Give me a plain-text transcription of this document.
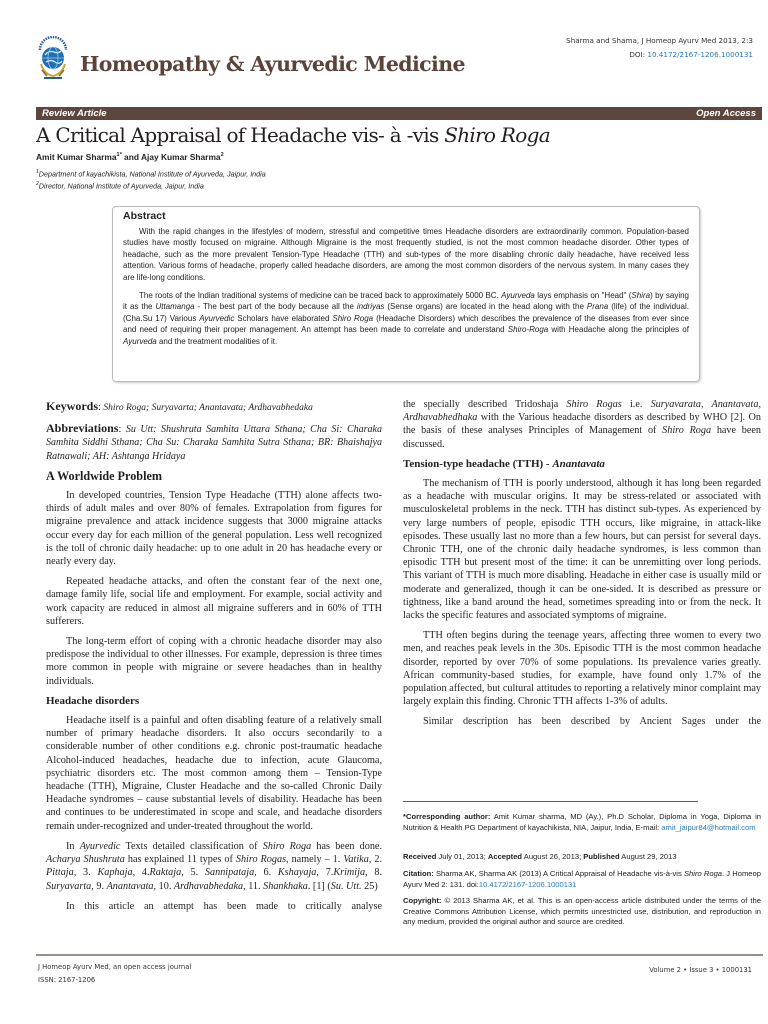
Sharma and Shama, J Homeop Ayurv Med 2013, 2:3
DOI: 10.4172/2167-1206.1000131
Homeopathy & Ayurvedic Medicine
Review Article	Open Access
A Critical Appraisal of Headache vis- à -vis Shiro Roga
Amit Kumar Sharma$^{1*}$ and Ajay Kumar Sharma$^2$
$^1$Department of kayachikista, National Institute of Ayurveda, Jaipur, India
$^2$Director, National Institute of Ayurveda, Jaipur, India
Abstract

With the rapid changes in the lifestyles of modern, stressful and competitive times Headache disorders are extraordinarily common. Population-based studies have mostly focused on migraine. Although Migraine is the most frequently studied, is not the most common headache disorder. Other types of headache, such as the more prevalent Tension-Type Headache (TTH) and sub-types of the more disabling chronic daily headache, have received less attention. Various forms of headache, properly called headache disorders, are among the most common disorders of the nervous system. In many cases they are life-long conditions.

The roots of the Indian traditional systems of medicine can be traced back to approximately 5000 BC. Ayurveda lays emphasis on "Head" (Shira) by saying it as the Uttamanga - The best part of the body because all the indriyas (Sense organs) are located in the head along with the Prana (life) of the individual. (Cha.Su 17) Various Ayurvedic Scholars have elaborated Shiro Roga (Headache Disorders) which describes the prevalence of the diseases from ever since and need of requiring their proper management. An attempt has been made to correlate and understand Shiro-Roga with Headache along the principles of Ayurveda and the treatment modalities of it.

Keywords: Shiro Roga; Suryavarta; Anantavata; Ardhavabhedaka

Abbreviations: Su Utt: Shushruta Samhita Uttara Sthana; Cha Si: Charaka Samhita Siddhi Sthana; Cha Su: Charaka Samhita Sutra Sthana; BR: Bhaishajya Ratnawali; AH: Ashtanga Hridaya

A Worldwide Problem

In developed countries, Tension Type Headache (TTH) alone affects two-thirds of adult males and over 80% of females. Extrapolation from figures for migraine prevalence and attack incidence suggests that 3000 migraine attacks occur every day for each million of the general population. Less well recognized is the toll of chronic daily headache: up to one adult in 20 has headache every or nearly every day.

Repeated headache attacks, and often the constant fear of the next one, damage family life, social life and employment. For example, social activity and work capacity are reduced in almost all migraine sufferers and in 60% of TTH sufferers.

The long-term effort of coping with a chronic headache disorder may also predispose the individual to other illnesses. For example, depression is three times more common in people with migraine or severe headaches than in healthy individuals.

Headache disorders

Headache itself is a painful and often disabling feature of a relatively small number of primary headache disorders. It also occurs secondarily to a considerable number of other conditions e.g. chronic post-traumatic headache Alcohol-induced headaches, headache due to infection, acute Glaucoma, psychiatric disorders etc. The most common among them – Tension-Type headache (TTH), Migraine, Cluster Headache and the so-called Chronic Daily Headache syndromes – cause substantial levels of disability. Headache has been and continues to be underestimated in scope and scale, and headache disorders remain under-recognized and under-treated throughout the world.

In Ayurvedic Texts detailed classification of Shiro Roga has been done. Acharya Shushruta has explained 11 types of Shiro Rogas, namely – 1. Vatika, 2. Pittaja, 3. Kaphaja, 4.Raktaja, 5. Sannipataja, 6. Kshayaja, 7.Krimija, 8. Suryavarta, 9. Anantavata, 10. Ardhavabhedaka, 11. Shankhaka. [1] (Su. Utt. 25)

In this article an attempt has been made to critically analyse

the specially described Tridoshaja Shiro Rogas i.e. Suryavarata, Anantavata, Ardhavabhedhaka with the Various headache disorders as described by WHO [2]. On the basis of these analyses Principles of Management of Shiro Roga have been discussed.

Tension-type headache (TTH) - Anantavata

The mechanism of TTH is poorly understood, although it has long been regarded as a headache with muscular origins. It may be stress-related or associated with musculoskeletal problems in the neck. TTH has distinct sub-types. As experienced by very large numbers of people, episodic TTH occurs, like migraine, in attack-like episodes. These usually last no more than a few hours, but can persist for several days. Chronic TTH, one of the chronic daily headache syndromes, is less common than episodic TTH but present most of the time: it can be unremitting over long periods. This variant of TTH is much more disabling. Headache in either case is usually mild or moderate and generalized, though it can be one-sided. It is described as pressure or tightness, like a band around the head, sometimes spreading into or from the neck. It lacks the specific features and associated symptoms of migraine.

TTH often begins during the teenage years, affecting three women to every two men, and reaches peak levels in the 30s. Episodic TTH is the most common headache disorder, reported by over 70% of some populations. Its prevalence varies greatly. African community-based studies, for example, have found only 1.7% of the population affected, but cultural attitudes to reporting a relatively minor complaint may largely explain this finding. Chronic TTH affects 1-3% of adults.

Similar description has been described by Ancient Sages under the

*Corresponding author: Amit Kumar sharma, MD (Ay.), Ph.D Scholar, Diploma in Yoga, Diploma in Nutrition & Health PG Department of kayachikista, NIA, Jaipur, India, E-mail: amit_jaipur84@hotmail.com
Received July 01, 2013; Accepted August 26, 2013; Published August 29, 2013
Citation: Sharma AK, Sharma AK (2013) A Critical Appraisal of Headache vis-à-vis Shiro Roga. J Homeop Ayurv Med 2: 131. doi:10.4172/2167-1206.1000131
Copyright: © 2013 Sharma AK, et al. This is an open-access article distributed under the terms of the Creative Commons Attribution License, which permits unrestricted use, distribution, and reproduction in any medium, provided the original author and source are credited.
J Homeop Ayurv Med, an open access journal
ISSN: 2167-1206
Volume 2 • Issue 3 • 1000131
